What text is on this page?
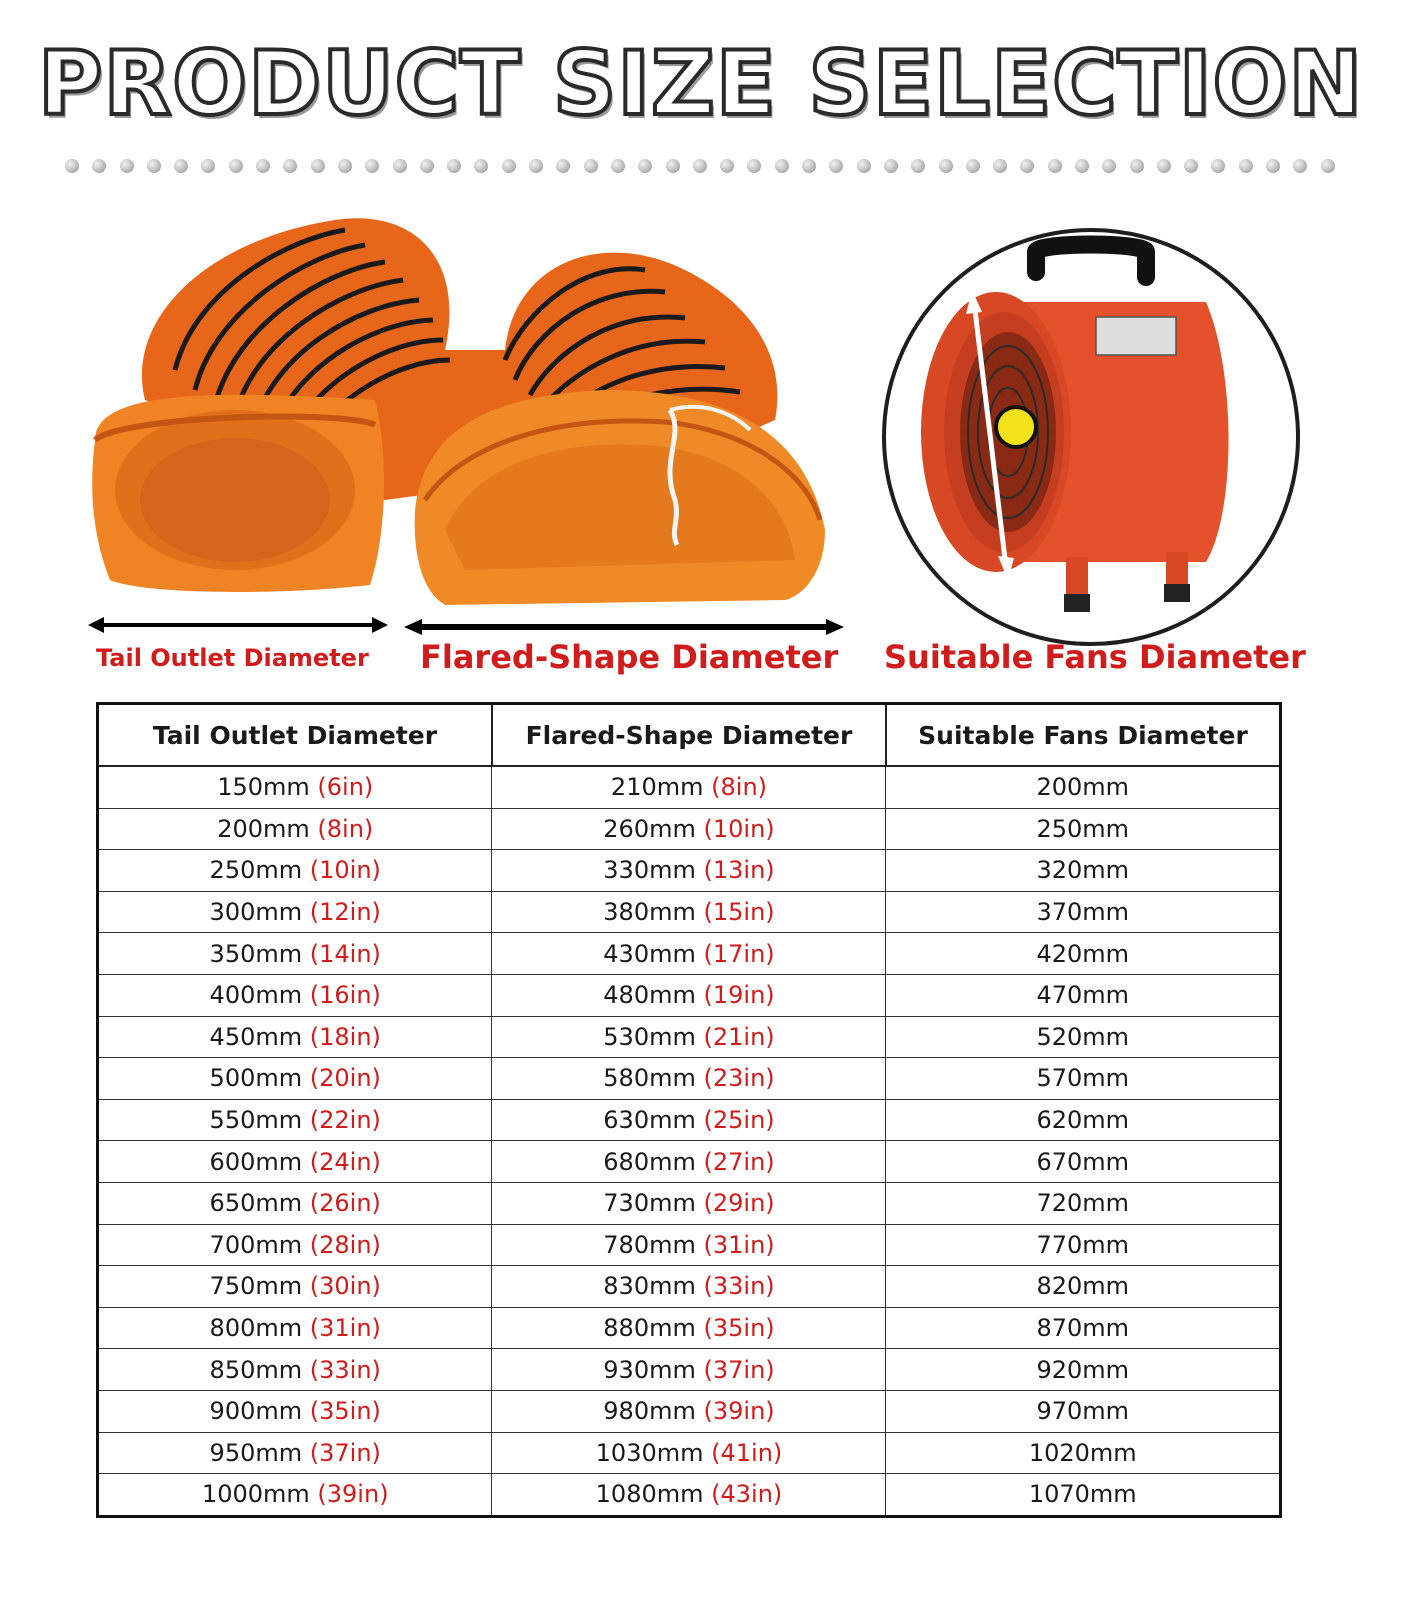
PRODUCT SIZE SELECTION
Tail Outlet Diameter Flared-Shape Diameter Suitable Fans Diameter
Tail Outlet Diameter	Flared-Shape Diameter	Suitable Fans Diameter
150mm (6in)	210mm (8in)	200mm
200mm (8in)	260mm (10in)	250mm
250mm (10in)	330mm (13in)	320mm
300mm (12in)	380mm (15in)	370mm
350mm (14in)	430mm (17in)	420mm
400mm (16in)	480mm (19in)	470mm
450mm (18in)	530mm (21in)	520mm
500mm (20in)	580mm (23in)	570mm
550mm (22in)	630mm (25in)	620mm
600mm (24in)	680mm (27in)	670mm
650mm (26in)	730mm (29in)	720mm
700mm (28in)	780mm (31in)	770mm
750mm (30in)	830mm (33in)	820mm
800mm (31in)	880mm (35in)	870mm
850mm (33in)	930mm (37in)	920mm
900mm (35in)	980mm (39in)	970mm
950mm (37in)	1030mm (41in)	1020mm
1000mm (39in)	1080mm (43in)	1070mm
